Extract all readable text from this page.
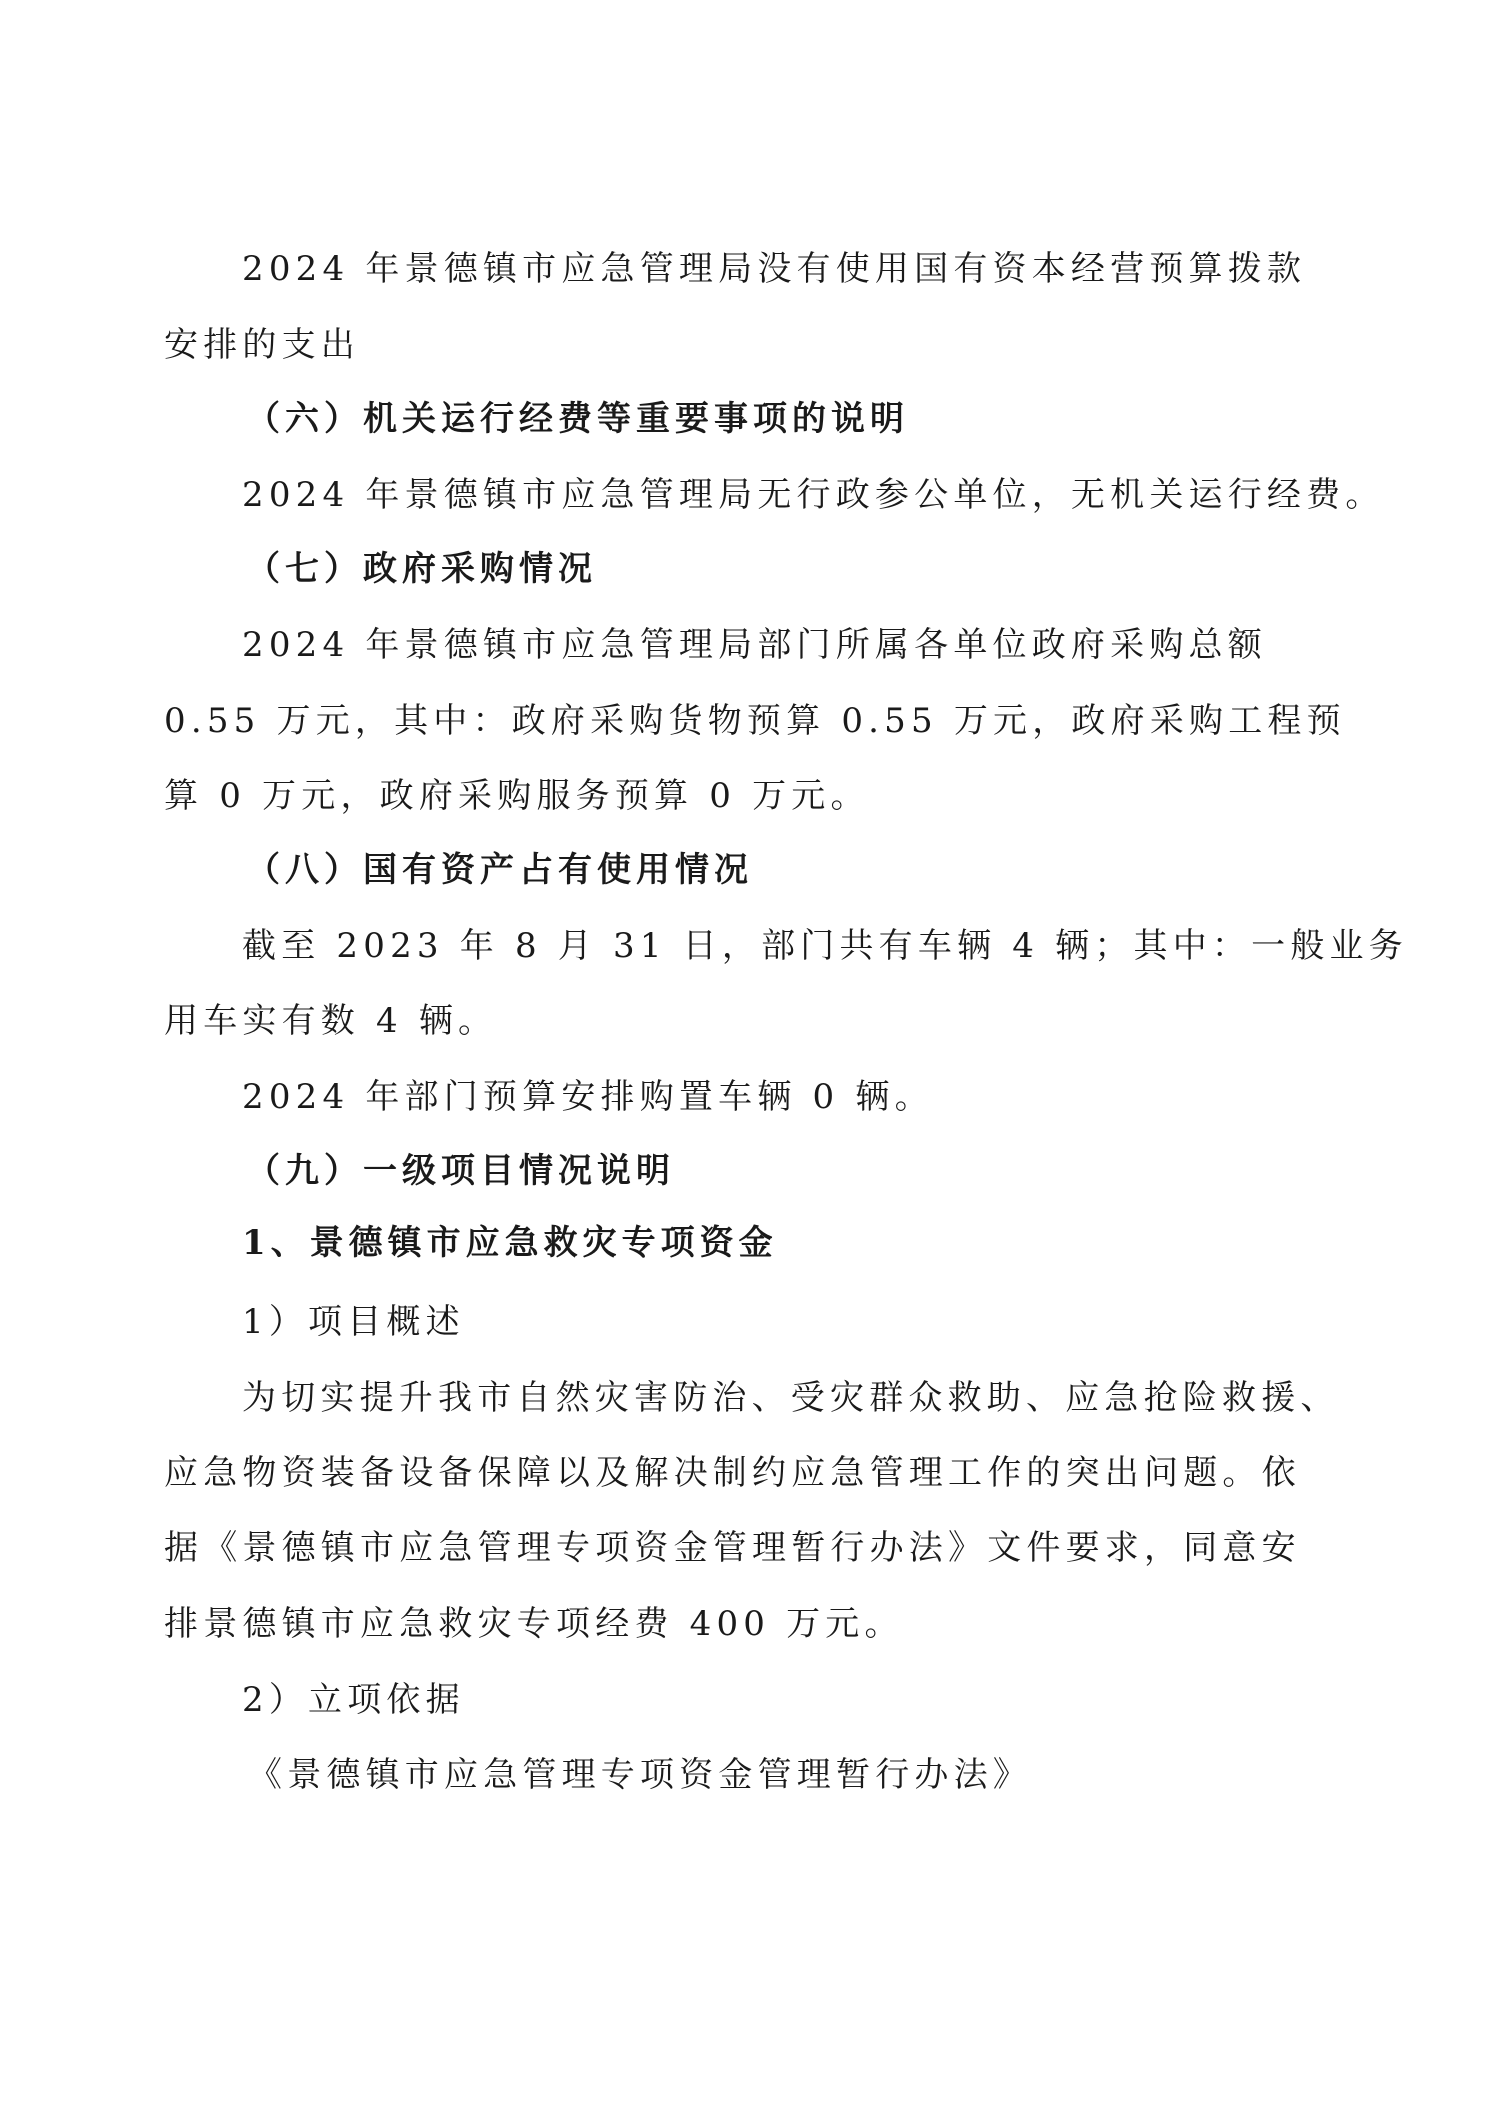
2024 年景德镇市应急管理局没有使用国有资本经营预算拨款
安排的支出
（六）机关运行经费等重要事项的说明
2024 年景德镇市应急管理局无行政参公单位，无机关运行经费。
（七）政府采购情况
2024 年景德镇市应急管理局部门所属各单位政府采购总额
0.55 万元，其中：政府采购货物预算 0.55 万元，政府采购工程预
算 0 万元，政府采购服务预算 0 万元。
（八）国有资产占有使用情况
截至 2023 年 8 月 31 日，部门共有车辆 4 辆；其中：一般业务
用车实有数 4 辆。
2024 年部门预算安排购置车辆 0 辆。
（九）一级项目情况说明
1、景德镇市应急救灾专项资金
1）项目概述
为切实提升我市自然灾害防治、受灾群众救助、应急抢险救援、
应急物资装备设备保障以及解决制约应急管理工作的突出问题。依
据《景德镇市应急管理专项资金管理暂行办法》文件要求，同意安
排景德镇市应急救灾专项经费 400 万元。
2）立项依据
《景德镇市应急管理专项资金管理暂行办法》
